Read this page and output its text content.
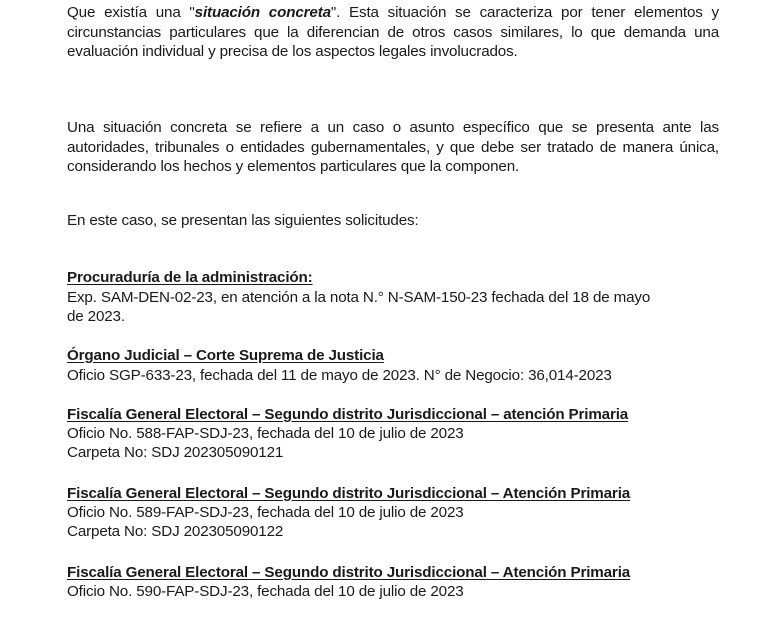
Que existía una "situación concreta". Esta situación se caracteriza por tener elementos y circunstancias particulares que la diferencian de otros casos similares, lo que demanda una evaluación individual y precisa de los aspectos legales involucrados.

Una situación concreta se refiere a un caso o asunto específico que se presenta ante las autoridades, tribunales o entidades gubernamentales, y que debe ser tratado de manera única, considerando los hechos y elementos particulares que la componen.

En este caso, se presentan las siguientes solicitudes:

Procuraduría de la administración:
Exp. SAM-DEN-02-23, en atención a la nota N.° N-SAM-150-23 fechada del 18 de mayo
de 2023.
Órgano Judicial – Corte Suprema de Justicia
Oficio SGP-633-23, fechada del 11 de mayo de 2023. N° de Negocio: 36,014-2023
Fiscalía General Electoral – Segundo distrito Jurisdiccional – atención Primaria
Oficio No. 588-FAP-SDJ-23, fechada del 10 de julio de 2023
Carpeta No: SDJ 202305090121
Fiscalía General Electoral – Segundo distrito Jurisdiccional – Atención Primaria
Oficio No. 589-FAP-SDJ-23, fechada del 10 de julio de 2023
Carpeta No: SDJ 202305090122
Fiscalía General Electoral – Segundo distrito Jurisdiccional – Atención Primaria
Oficio No. 590-FAP-SDJ-23, fechada del 10 de julio de 2023
